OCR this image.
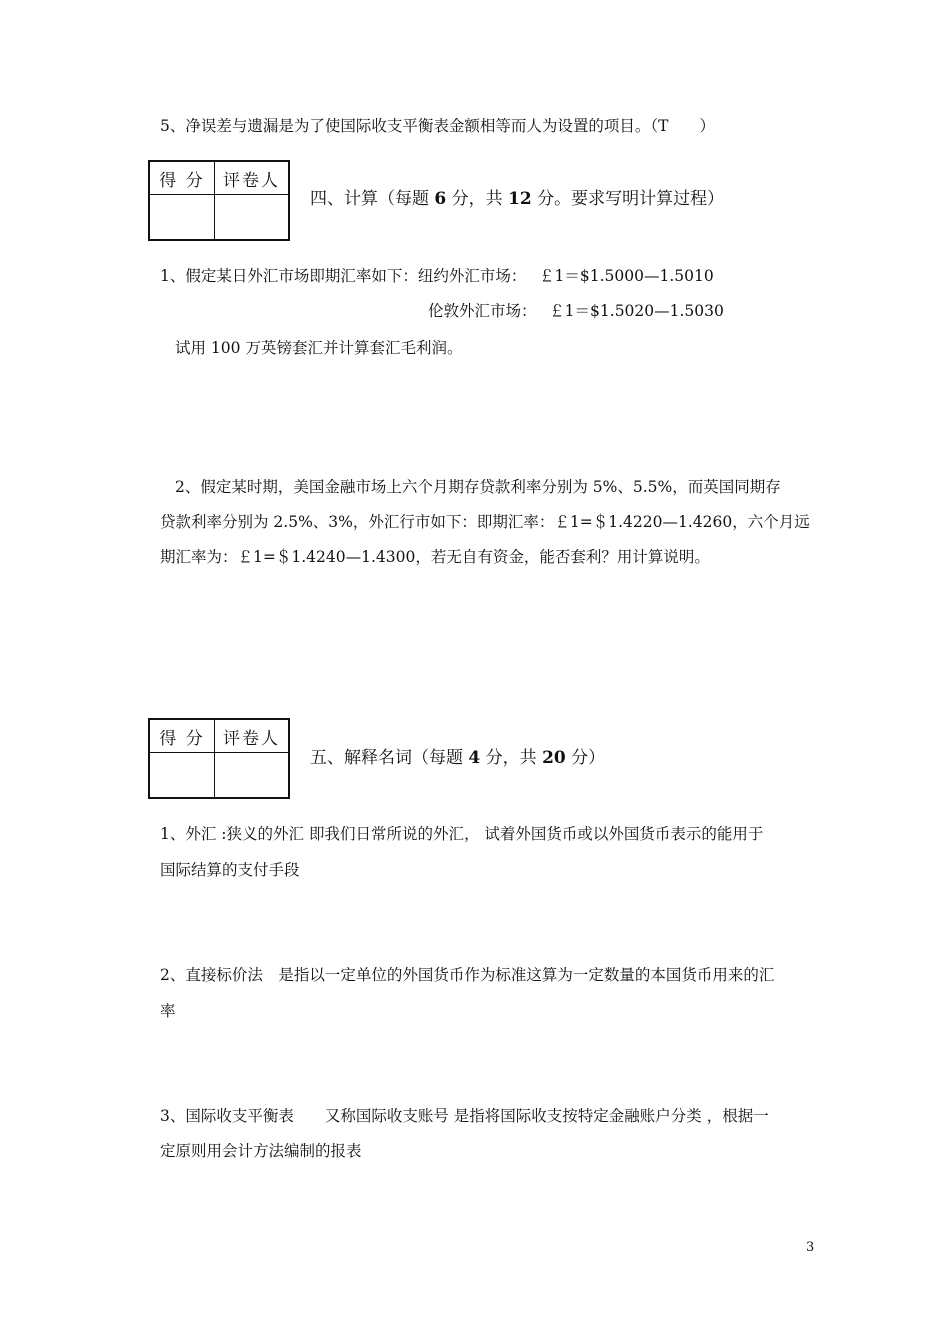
5、净误差与遗漏是为了使国际收支平衡表金额相等而人为设置的项目。（T　　）
得 分	评卷人

四、计算（每题 6 分，共 12 分。要求写明计算过程）
1、假定某日外汇市场即期汇率如下：纽约外汇市场：　 ￡1＝$1.5000—1.5010
伦敦外汇市场：　 ￡1＝$1.5020—1.5030
试用 100 万英镑套汇并计算套汇毛利润。
2、假定某时期，美国金融市场上六个月期存贷款利率分别为 5%、5.5%，而英国同期存
贷款利率分别为 2.5%、3%，外汇行市如下：即期汇率：￡1=＄1.4220—1.4260，六个月远
期汇率为：￡1=＄1.4240—1.4300，若无自有资金，能否套利？用计算说明。
得 分	评卷人

五、解释名词（每题 4 分，共 20 分）
1、外汇 :狭义的外汇 即我们日常所说的外汇， 试着外国货币或以外国货币表示的能用于
国际结算的支付手段
2、直接标价法　是指以一定单位的外国货币作为标准这算为一定数量的本国货币用来的汇
率
3、国际收支平衡表　　又称国际收支账号 是指将国际收支按特定金融账户分类 ，根据一
定原则用会计方法编制的报表
3
